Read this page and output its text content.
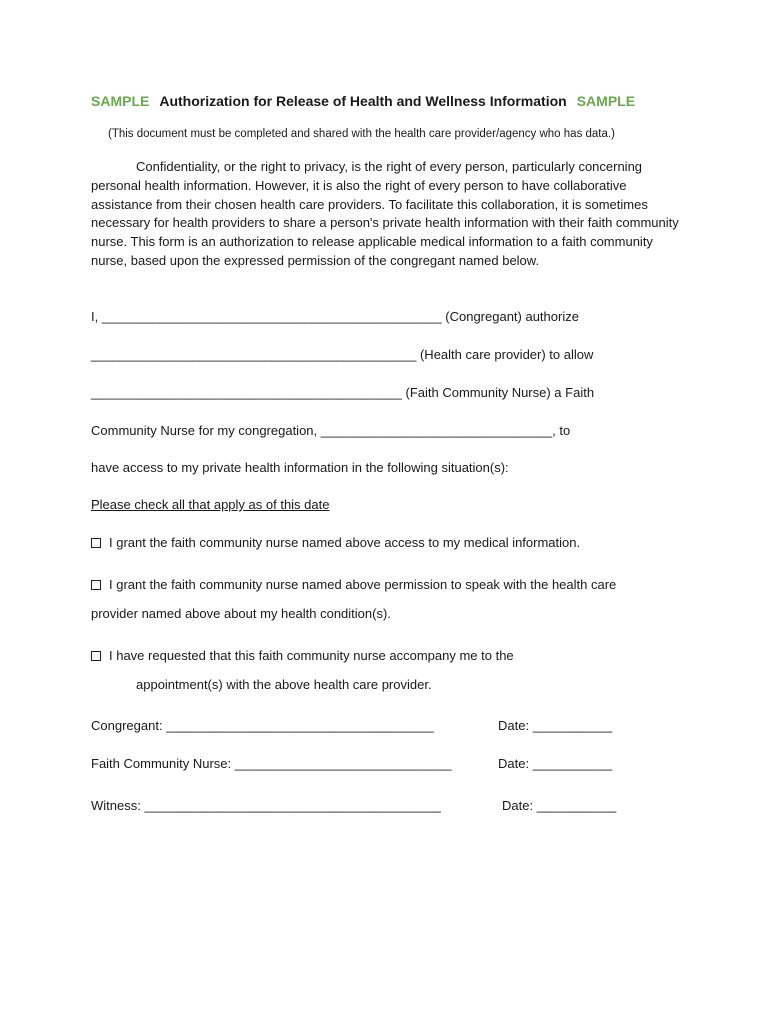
SAMPLE Authorization for Release of Health and Wellness Information SAMPLE
(This document must be completed and shared with the health care provider/agency who has data.)
Confidentiality, or the right to privacy, is the right of every person, particularly concerning personal health information. However, it is also the right of every person to have collaborative assistance from their chosen health care providers. To facilitate this collaboration, it is sometimes necessary for health providers to share a person's private health information with their faith community nurse. This form is an authorization to release applicable medical information to a faith community nurse, based upon the expressed permission of the congregant named below.
I, _______________________________________________ (Congregant) authorize
_____________________________________________ (Health care provider) to allow
___________________________________________ (Faith Community Nurse) a Faith
Community Nurse for my congregation, ________________________________, to
have access to my private health information in the following situation(s):
Please check all that apply as of this date
I grant the faith community nurse named above access to my medical information.
I grant the faith community nurse named above permission to speak with the health care
provider named above about my health condition(s).
I have requested that this faith community nurse accompany me to the
appointment(s) with the above health care provider.
Congregant: _____________________________________	Date: ___________
Faith Community Nurse: ______________________________	Date: ___________
Witness: _________________________________________	Date: ___________
